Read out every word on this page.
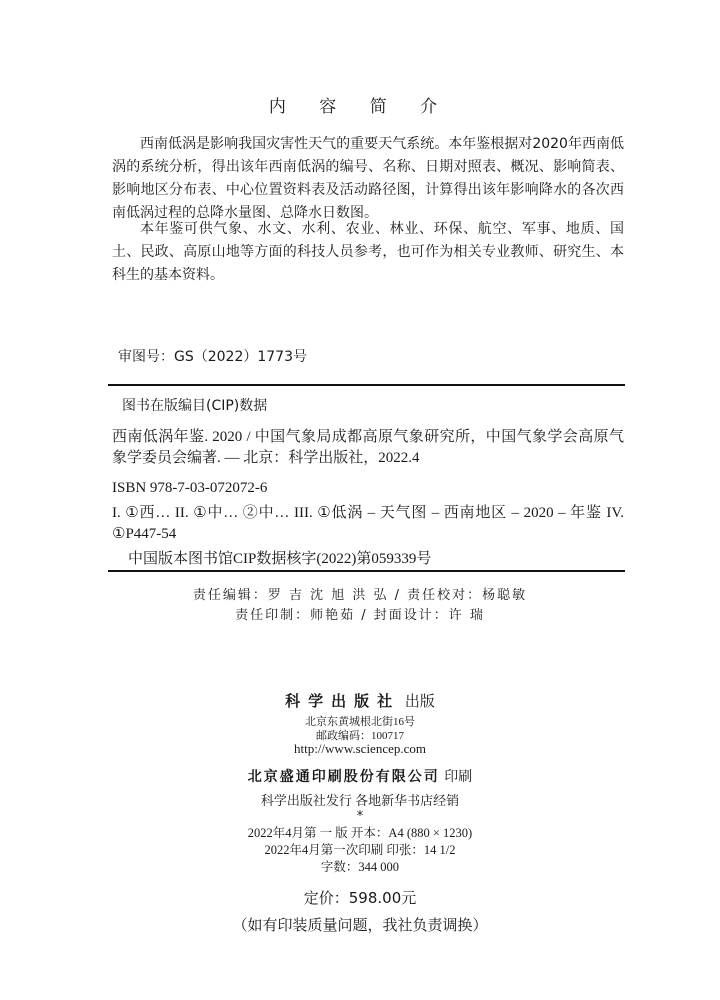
内 容 简 介
西南低涡是影响我国灾害性天气的重要天气系统。本年鉴根据对2020年西南低涡的系统分析，得出该年西南低涡的编号、名称、日期对照表、概况、影响简表、影响地区分布表、中心位置资料表及活动路径图，计算得出该年影响降水的各次西南低涡过程的总降水量图、总降水日数图。
本年鉴可供气象、水文、水利、农业、林业、环保、航空、军事、地质、国土、民政、高原山地等方面的科技人员参考，也可作为相关专业教师、研究生、本科生的基本资料。
审图号：GS（2022）1773号
图书在版编目(CIP)数据
西南低涡年鉴. 2020 / 中国气象局成都高原气象研究所，中国气象学会高原气象学委员会编著. — 北京：科学出版社，2022.4
ISBN 978-7-03-072072-6
I. ①西… II. ①中… ②中… III. ①低涡 – 天气图 – 西南地区 – 2020 – 年鉴 IV. ①P447-54
中国版本图书馆CIP数据核字(2022)第059339号
责任编辑：罗 吉 沈 旭 洪 弘 / 责任校对：杨聪敏
责任印制：师艳茹 / 封面设计：许 瑞
科学出版社 出版
北京东黄城根北街16号
邮政编码：100717
http://www.sciencep.com
北京盛通印刷股份有限公司 印刷
科学出版社发行 各地新华书店经销
*
2022年4月第 一 版 开本：A4 (880 × 1230)
2022年4月第一次印刷 印张：14 1/2
字数：344 000
定价：598.00元
（如有印装质量问题，我社负责调换）
